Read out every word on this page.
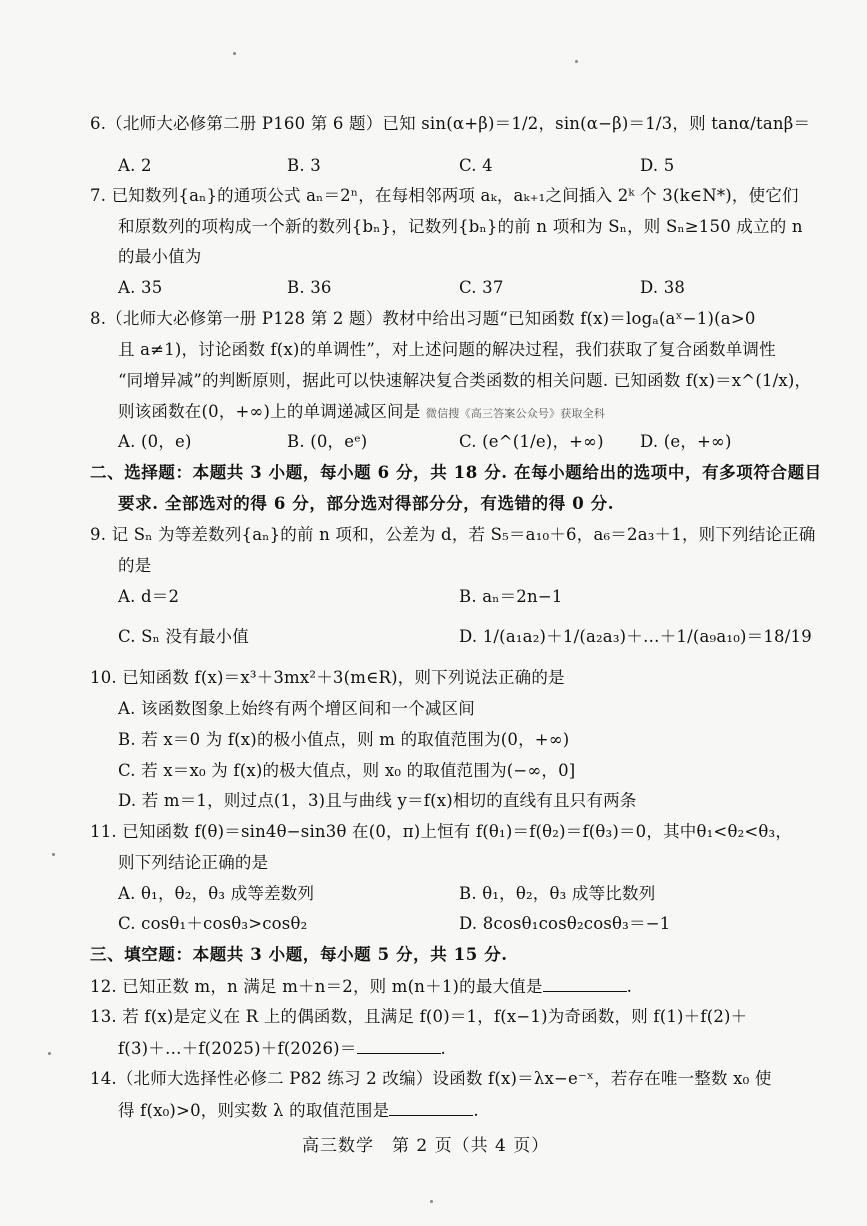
6.（北师大必修第二册 P160 第 6 题）已知 sin(α+β)＝1/2，sin(α−β)＝1/3，则 tanα/tanβ＝
A. 2	B. 3	C. 4	D. 5
7. 已知数列{aₙ}的通项公式 aₙ＝2ⁿ，在每相邻两项 aₖ，aₖ₊₁之间插入 2ᵏ 个 3(k∈N*)，使它们
和原数列的项构成一个新的数列{bₙ}，记数列{bₙ}的前 n 项和为 Sₙ，则 Sₙ≥150 成立的 n
的最小值为
A. 35	B. 36	C. 37	D. 38
8.（北师大必修第一册 P128 第 2 题）教材中给出习题“已知函数 f(x)＝logₐ(aˣ−1)(a>0
且 a≠1)，讨论函数 f(x)的单调性”，对上述问题的解决过程，我们获取了复合函数单调性
“同增异减”的判断原则，据此可以快速解决复合类函数的相关问题. 已知函数 f(x)＝x^(1/x)，
则该函数在(0，+∞)上的单调递减区间是 微信搜《高三答案公众号》获取全科
A. (0，e)	B. (0，eᵉ)	C. (e^(1/e)，+∞) D. (e，+∞)
二、选择题：本题共 3 小题，每小题 6 分，共 18 分. 在每小题给出的选项中，有多项符合题目
要求. 全部选对的得 6 分，部分选对得部分分，有选错的得 0 分.
9. 记 Sₙ 为等差数列{aₙ}的前 n 项和，公差为 d，若 S₅＝a₁₀＋6，a₆＝2a₃＋1，则下列结论正确
的是
A. d＝2	B. aₙ＝2n−1
C. Sₙ 没有最小值	D. 1/(a₁a₂)＋1/(a₂a₃)＋…＋1/(a₉a₁₀)＝18/19
10. 已知函数 f(x)＝x³＋3mx²＋3(m∈R)，则下列说法正确的是
A. 该函数图象上始终有两个增区间和一个减区间
B. 若 x＝0 为 f(x)的极小值点，则 m 的取值范围为(0，+∞)
C. 若 x＝x₀ 为 f(x)的极大值点，则 x₀ 的取值范围为(−∞，0]
D. 若 m＝1，则过点(1，3)且与曲线 y＝f(x)相切的直线有且只有两条
11. 已知函数 f(θ)＝sin4θ−sin3θ 在(0，π)上恒有 f(θ₁)＝f(θ₂)＝f(θ₃)＝0，其中θ₁<θ₂<θ₃，
则下列结论正确的是
A. θ₁，θ₂，θ₃ 成等差数列	B. θ₁，θ₂，θ₃ 成等比数列
C. cosθ₁＋cosθ₃>cosθ₂	D. 8cosθ₁cosθ₂cosθ₃＝−1
三、填空题：本题共 3 小题，每小题 5 分，共 15 分.
12. 已知正数 m，n 满足 m＋n＝2，则 m(n＋1)的最大值是	.
13. 若 f(x)是定义在 R 上的偶函数，且满足 f(0)＝1，f(x−1)为奇函数，则 f(1)＋f(2)＋
f(3)＋…＋f(2025)＋f(2026)＝	.
14.（北师大选择性必修二 P82 练习 2 改编）设函数 f(x)＝λx−e⁻ˣ，若存在唯一整数 x₀ 使
得 f(x₀)>0，则实数 λ 的取值范围是	.
高三数学　第 2 页（共 4 页）
